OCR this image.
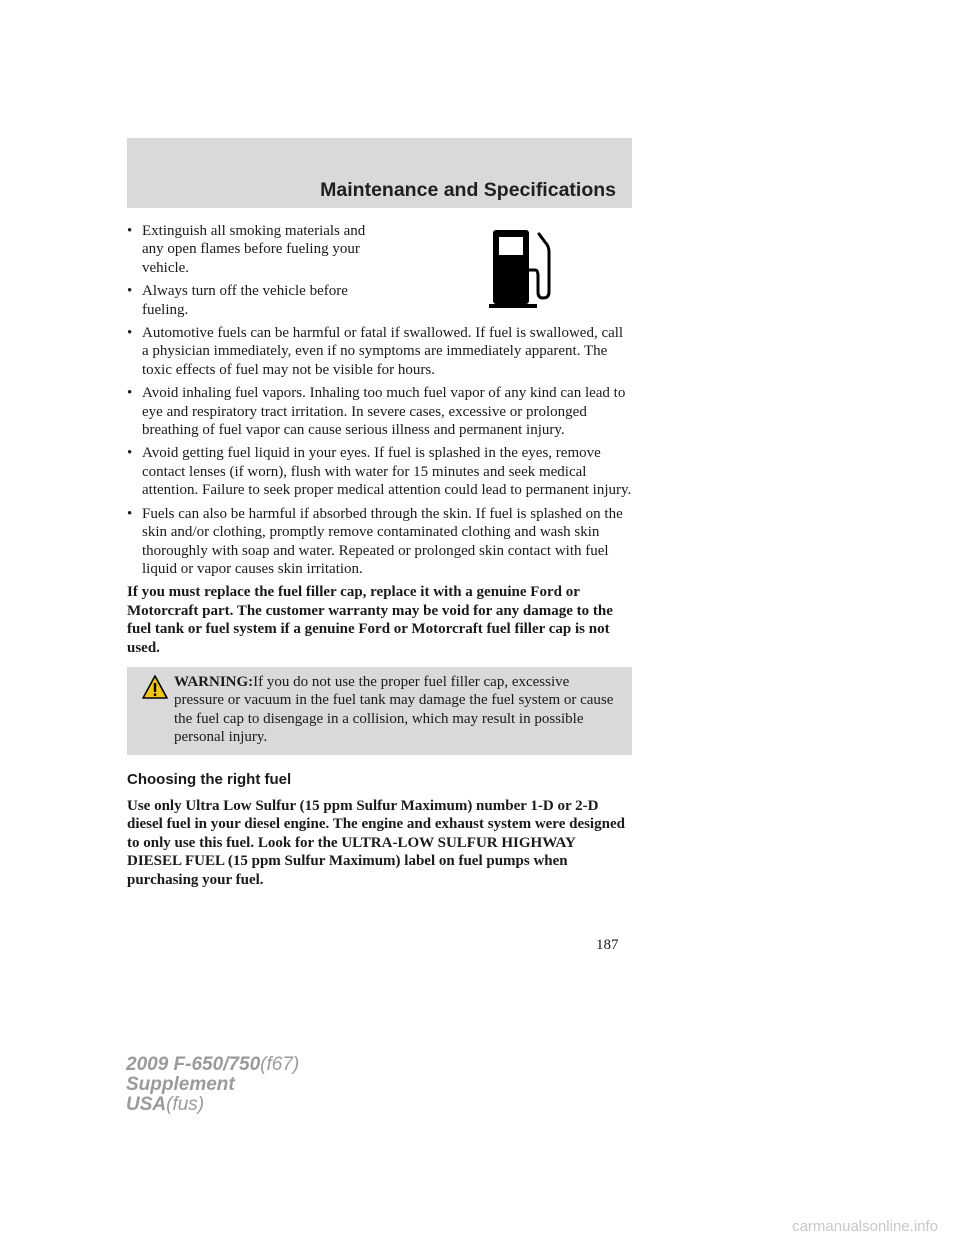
Maintenance and Specifications
• Extinguish all smoking materials and any open flames before fueling your vehicle.
• Always turn off the vehicle before fueling.
• Automotive fuels can be harmful or fatal if swallowed. If fuel is swallowed, call a physician immediately, even if no symptoms are immediately apparent. The toxic effects of fuel may not be visible for hours.
• Avoid inhaling fuel vapors. Inhaling too much fuel vapor of any kind can lead to eye and respiratory tract irritation. In severe cases, excessive or prolonged breathing of fuel vapor can cause serious illness and permanent injury.
• Avoid getting fuel liquid in your eyes. If fuel is splashed in the eyes, remove contact lenses (if worn), flush with water for 15 minutes and seek medical attention. Failure to seek proper medical attention could lead to permanent injury.
• Fuels can also be harmful if absorbed through the skin. If fuel is splashed on the skin and/or clothing, promptly remove contaminated clothing and wash skin thoroughly with soap and water. Repeated or prolonged skin contact with fuel liquid or vapor causes skin irritation.

If you must replace the fuel filler cap, replace it with a genuine Ford or Motorcraft part. The customer warranty may be void for any damage to the fuel tank or fuel system if a genuine Ford or Motorcraft fuel filler cap is not used.

WARNING:If you do not use the proper fuel filler cap, excessive pressure or vacuum in the fuel tank may damage the fuel system or cause the fuel cap to disengage in a collision, which may result in possible personal injury.
Choosing the right fuel

Use only Ultra Low Sulfur (15 ppm Sulfur Maximum) number 1-D or 2-D diesel fuel in your diesel engine. The engine and exhaust system were designed to only use this fuel. Look for the ULTRA-LOW SULFUR HIGHWAY DIESEL FUEL (15 ppm Sulfur Maximum) label on fuel pumps when purchasing your fuel.

187
2009 F-650/750(f67)
Supplement
USA(fus)
carmanualsonline.info
